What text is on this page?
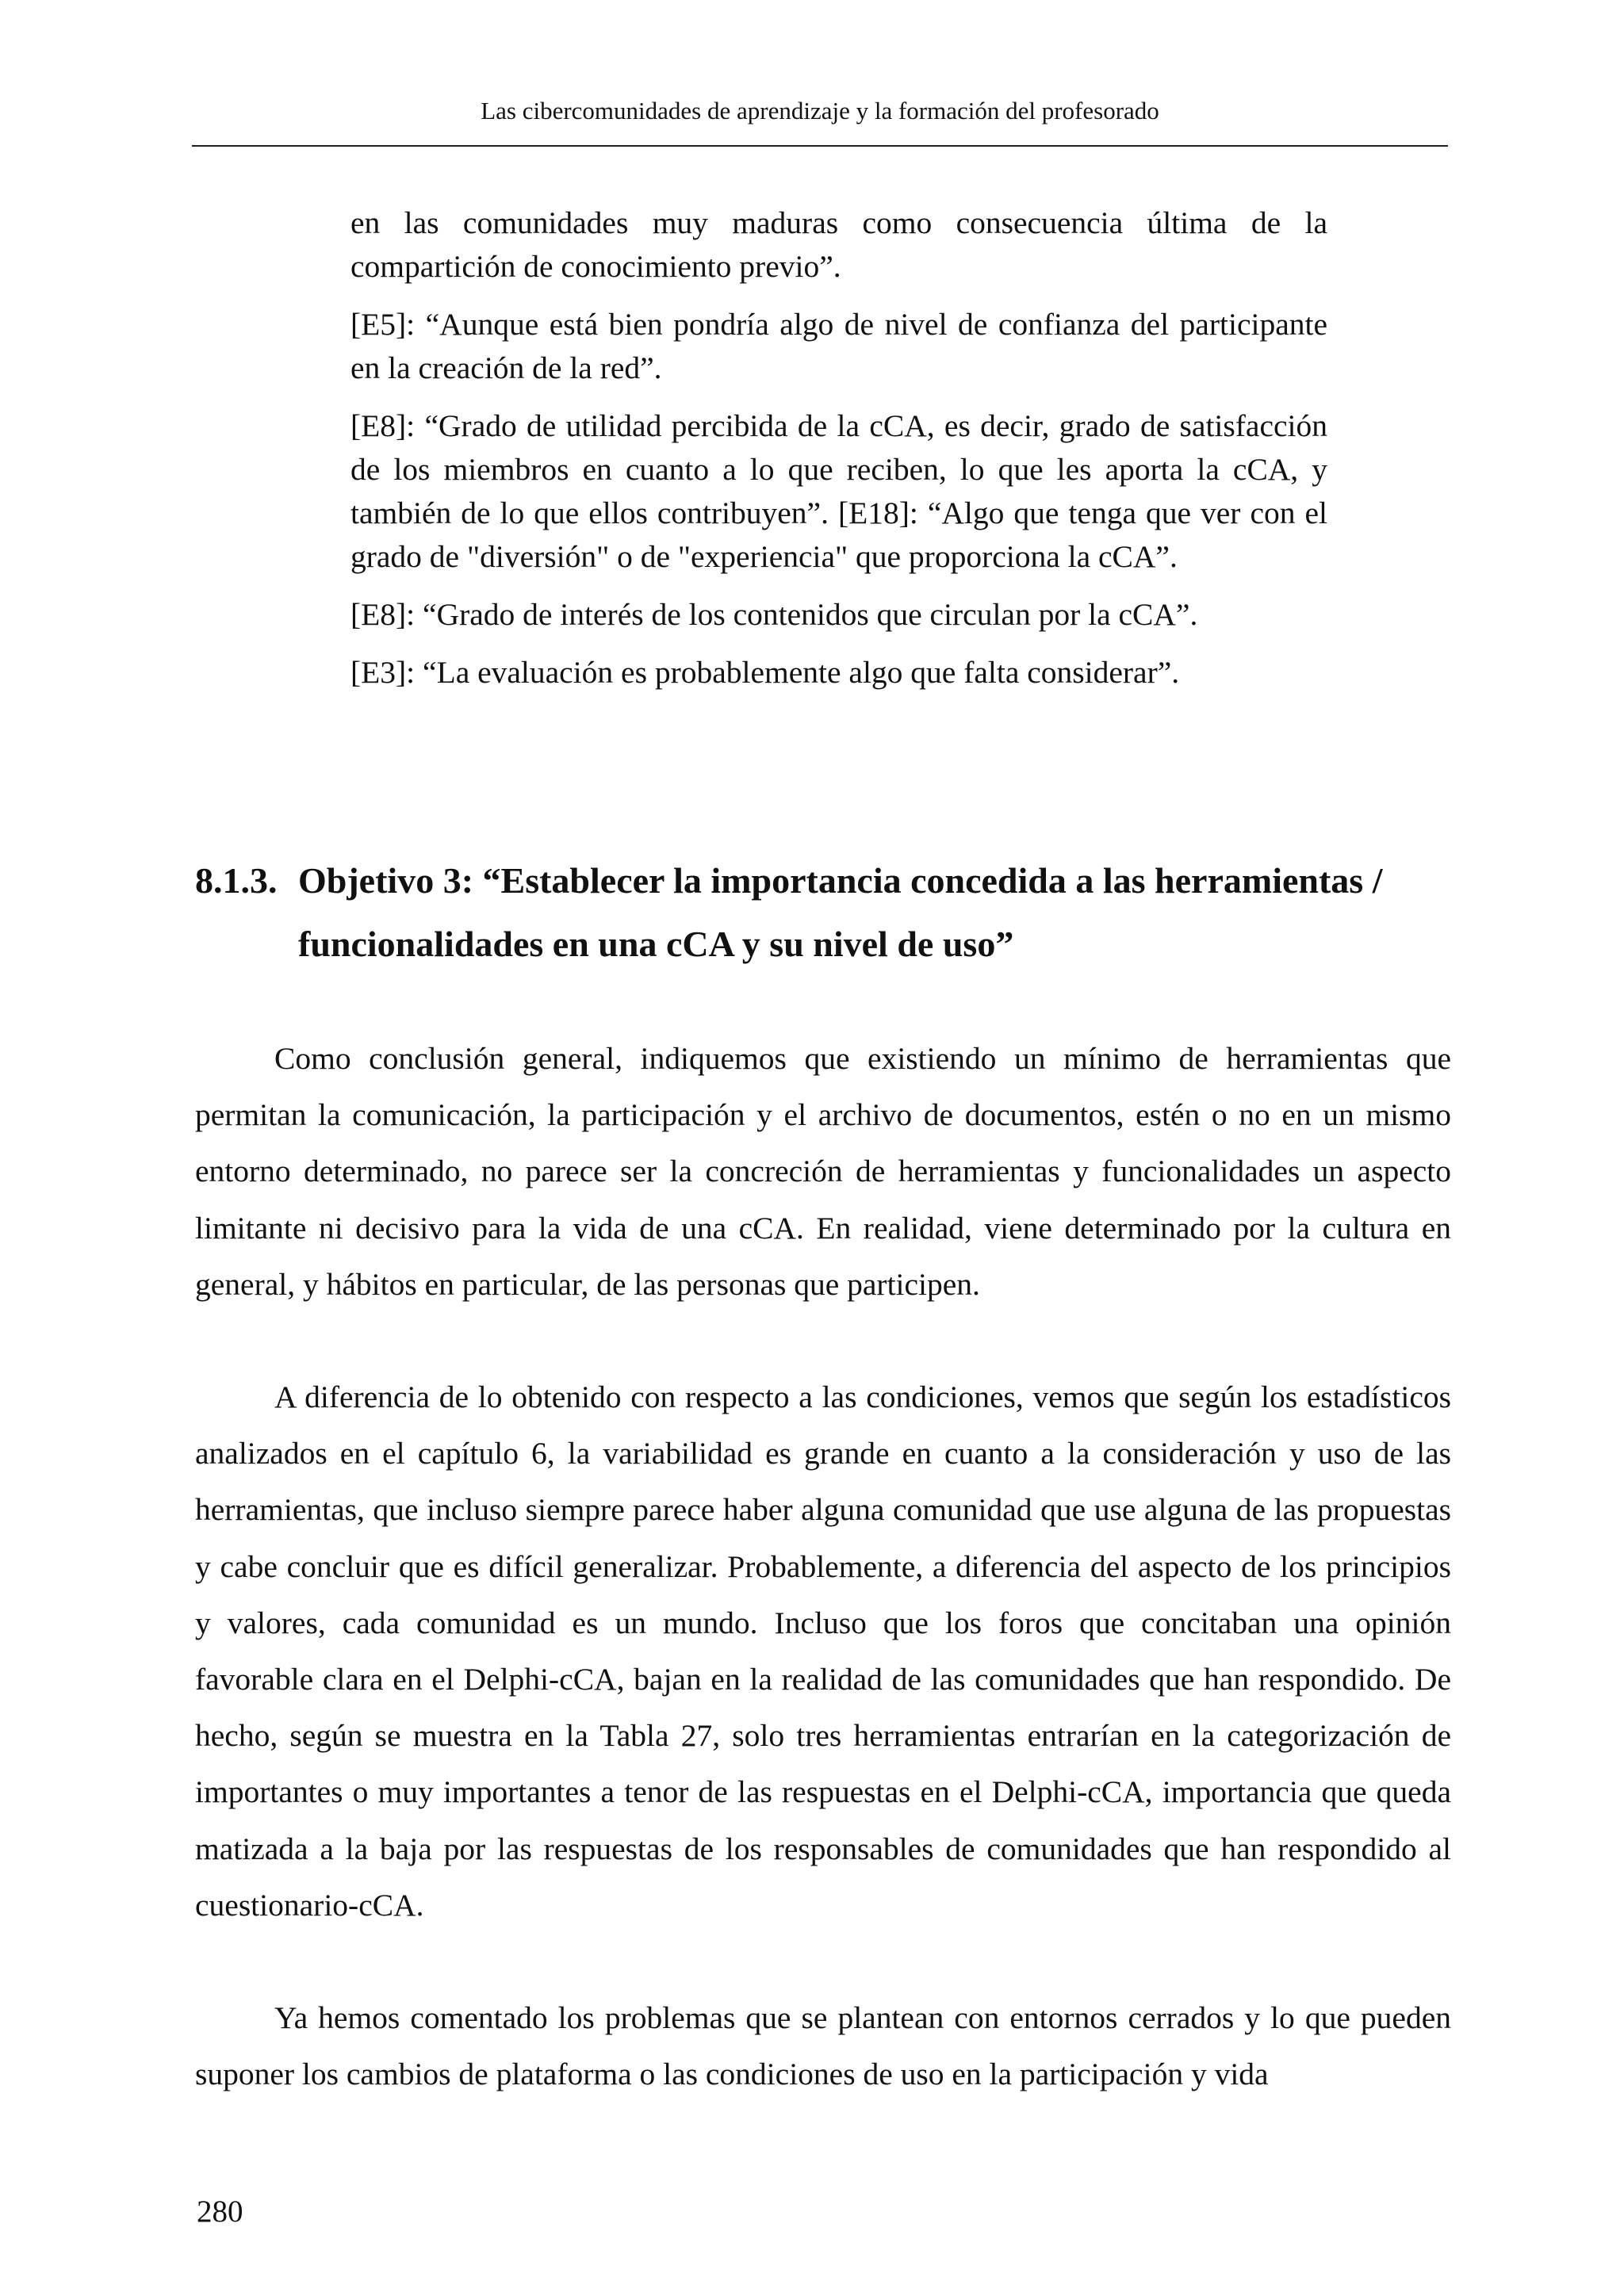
Las cibercomunidades de aprendizaje y la formación del profesorado

en las comunidades muy maduras como consecuencia última de la compartición de conocimiento previo”.

[E5]: “Aunque está bien pondría algo de nivel de confianza del participante en la creación de la red”.

[E8]: “Grado de utilidad percibida de la cCA, es decir, grado de satisfacción de los miembros en cuanto a lo que reciben, lo que les aporta la cCA, y también de lo que ellos contribuyen”. [E18]: “Algo que tenga que ver con el grado de "diversión" o de "experiencia" que proporciona la cCA”.

[E8]: “Grado de interés de los contenidos que circulan por la cCA”.

[E3]: “La evaluación es probablemente algo que falta considerar”.

8.1.3. Objetivo 3: “Establecer la importancia concedida a las herramientas /
funcionalidades en una cCA y su nivel de uso”

Como conclusión general, indiquemos que existiendo un mínimo de herramientas que permitan la comunicación, la participación y el archivo de documentos, estén o no en un mismo entorno determinado, no parece ser la concreción de herramientas y funcionalidades un aspecto limitante ni decisivo para la vida de una cCA. En realidad, viene determinado por la cultura en general, y hábitos en particular, de las personas que participen.

A diferencia de lo obtenido con respecto a las condiciones, vemos que según los estadísticos analizados en el capítulo 6, la variabilidad es grande en cuanto a la consideración y uso de las herramientas, que incluso siempre parece haber alguna comunidad que use alguna de las propuestas y cabe concluir que es difícil generalizar. Probablemente, a diferencia del aspecto de los principios y valores, cada comunidad es un mundo. Incluso que los foros que concitaban una opinión favorable clara en el Delphi-cCA, bajan en la realidad de las comunidades que han respondido. De hecho, según se muestra en la Tabla 27, solo tres herramientas entrarían en la categorización de importantes o muy importantes a tenor de las respuestas en el Delphi-cCA, importancia que queda matizada a la baja por las respuestas de los responsables de comunidades que han respondido al cuestionario-cCA.

Ya hemos comentado los problemas que se plantean con entornos cerrados y lo que pueden suponer los cambios de plataforma o las condiciones de uso en la participación y vida

280
